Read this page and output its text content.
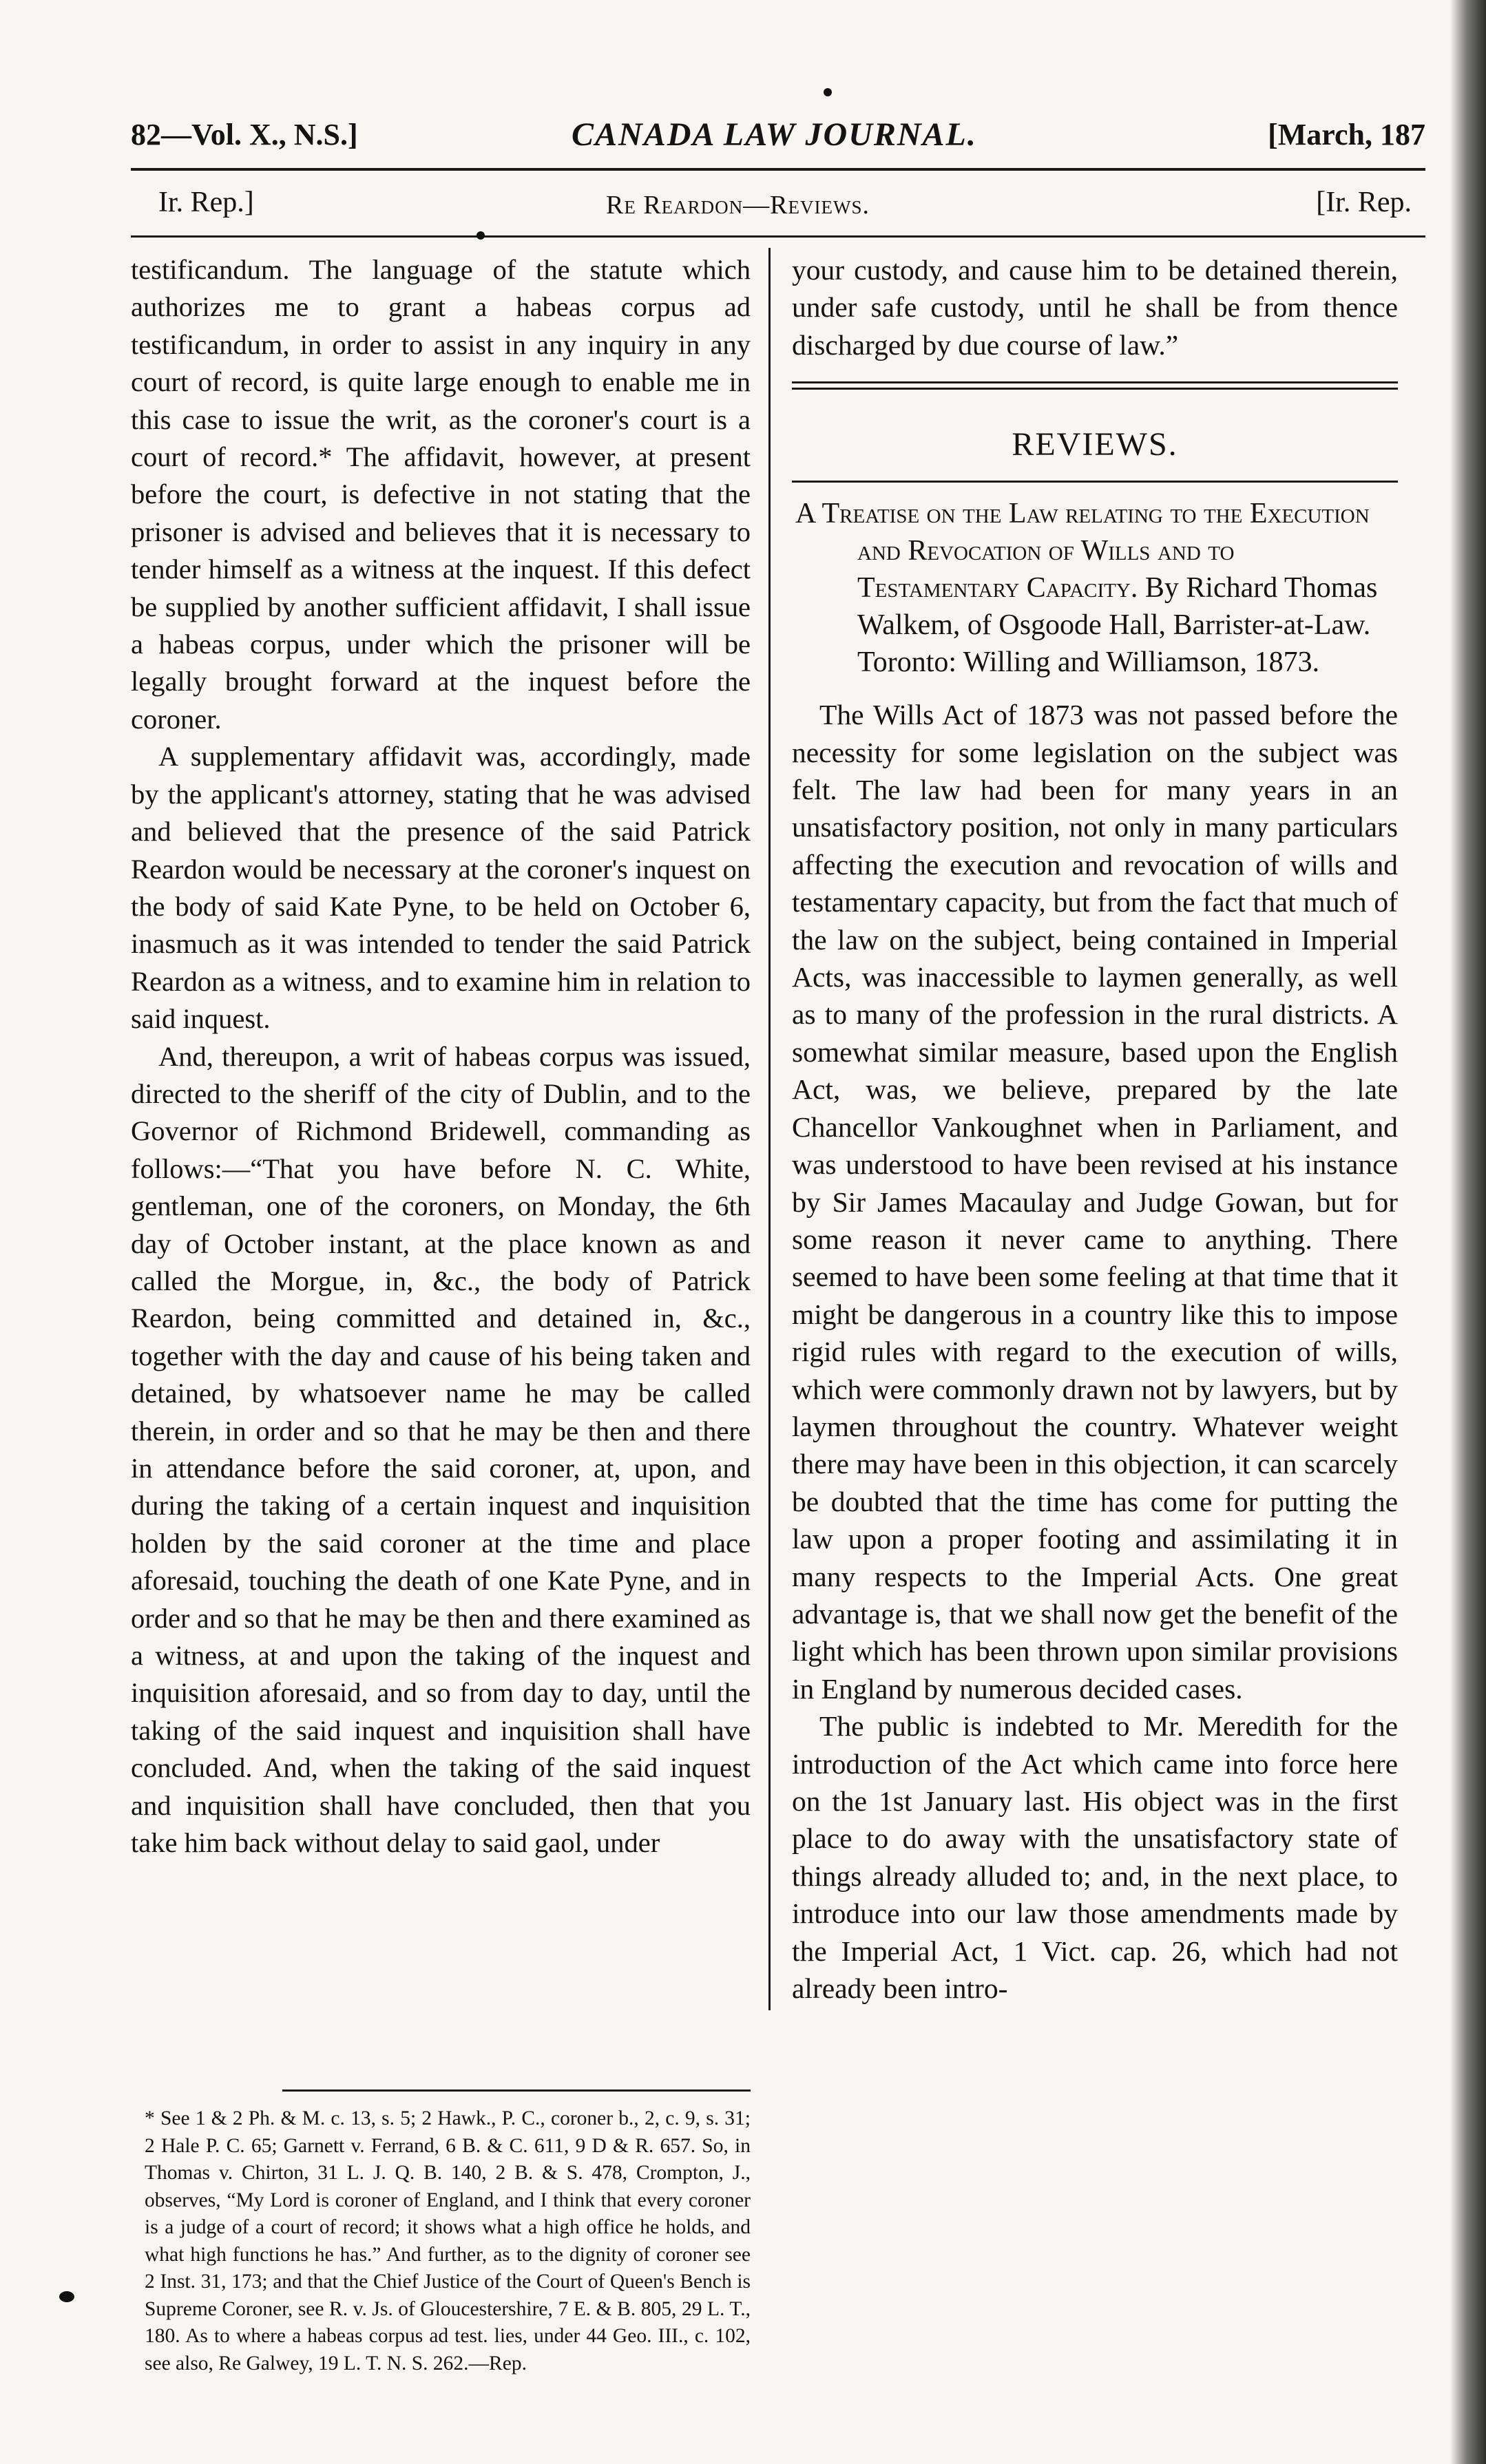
82—Vol. X., N.S.]	CANADA LAW JOURNAL.	[March, 187
Ir. Rep.]	Re Reardon—Reviews.	[Ir. Rep.

testificandum. The language of the statute which authorizes me to grant a habeas corpus ad testificandum, in order to assist in any inquiry in any court of record, is quite large enough to enable me in this case to issue the writ, as the coroner's court is a court of record.* The affidavit, however, at present before the court, is defective in not stating that the prisoner is advised and believes that it is necessary to tender himself as a witness at the inquest. If this defect be supplied by another sufficient affidavit, I shall issue a habeas corpus, under which the prisoner will be legally brought forward at the inquest before the coroner.

A supplementary affidavit was, accordingly, made by the applicant's attorney, stating that he was advised and believed that the presence of the said Patrick Reardon would be necessary at the coroner's inquest on the body of said Kate Pyne, to be held on October 6, inasmuch as it was intended to tender the said Patrick Reardon as a witness, and to examine him in relation to said inquest.

And, thereupon, a writ of habeas corpus was issued, directed to the sheriff of the city of Dublin, and to the Governor of Richmond Bridewell, commanding as follows:—“That you have before N. C. White, gentleman, one of the coroners, on Monday, the 6th day of October instant, at the place known as and called the Morgue, in, &c., the body of Patrick Reardon, being committed and detained in, &c., together with the day and cause of his being taken and detained, by whatsoever name he may be called therein, in order and so that he may be then and there in attendance before the said coroner, at, upon, and during the taking of a certain inquest and inquisition holden by the said coroner at the time and place aforesaid, touching the death of one Kate Pyne, and in order and so that he may be then and there examined as a witness, at and upon the taking of the inquest and inquisition aforesaid, and so from day to day, until the taking of the said inquest and inquisition shall have concluded. And, when the taking of the said inquest and inquisition shall have concluded, then that you take him back without delay to said gaol, under

your custody, and cause him to be detained therein, under safe custody, until he shall be from thence discharged by due course of law.”

REVIEWS.
A Treatise on the Law relating to the Execution and Revocation of Wills and to Testamentary Capacity. By Richard Thomas Walkem, of Osgoode Hall, Barrister-at-Law. Toronto: Willing and Williamson, 1873.

The Wills Act of 1873 was not passed before the necessity for some legislation on the subject was felt. The law had been for many years in an unsatisfactory position, not only in many particulars affecting the execution and revocation of wills and testamentary capacity, but from the fact that much of the law on the subject, being contained in Imperial Acts, was inaccessible to laymen generally, as well as to many of the profession in the rural districts. A somewhat similar measure, based upon the English Act, was, we believe, prepared by the late Chancellor Vankoughnet when in Parliament, and was understood to have been revised at his instance by Sir James Macaulay and Judge Gowan, but for some reason it never came to anything. There seemed to have been some feeling at that time that it might be dangerous in a country like this to impose rigid rules with regard to the execution of wills, which were commonly drawn not by lawyers, but by laymen throughout the country. Whatever weight there may have been in this objection, it can scarcely be doubted that the time has come for putting the law upon a proper footing and assimilating it in many respects to the Imperial Acts. One great advantage is, that we shall now get the benefit of the light which has been thrown upon similar provisions in England by numerous decided cases.

The public is indebted to Mr. Meredith for the introduction of the Act which came into force here on the 1st January last. His object was in the first place to do away with the unsatisfactory state of things already alluded to; and, in the next place, to introduce into our law those amendments made by the Imperial Act, 1 Vict. cap. 26, which had not already been intro-

* See 1 & 2 Ph. & M. c. 13, s. 5; 2 Hawk., P. C., coroner b., 2, c. 9, s. 31; 2 Hale P. C. 65; Garnett v. Ferrand, 6 B. & C. 611, 9 D & R. 657. So, in Thomas v. Chirton, 31 L. J. Q. B. 140, 2 B. & S. 478, Crompton, J., observes, “My Lord is coroner of England, and I think that every coroner is a judge of a court of record; it shows what a high office he holds, and what high functions he has.” And further, as to the dignity of coroner see 2 Inst. 31, 173; and that the Chief Justice of the Court of Queen's Bench is Supreme Coroner, see R. v. Js. of Gloucestershire, 7 E. & B. 805, 29 L. T., 180. As to where a habeas corpus ad test. lies, under 44 Geo. III., c. 102, see also, Re Galwey, 19 L. T. N. S. 262.—Rep.
